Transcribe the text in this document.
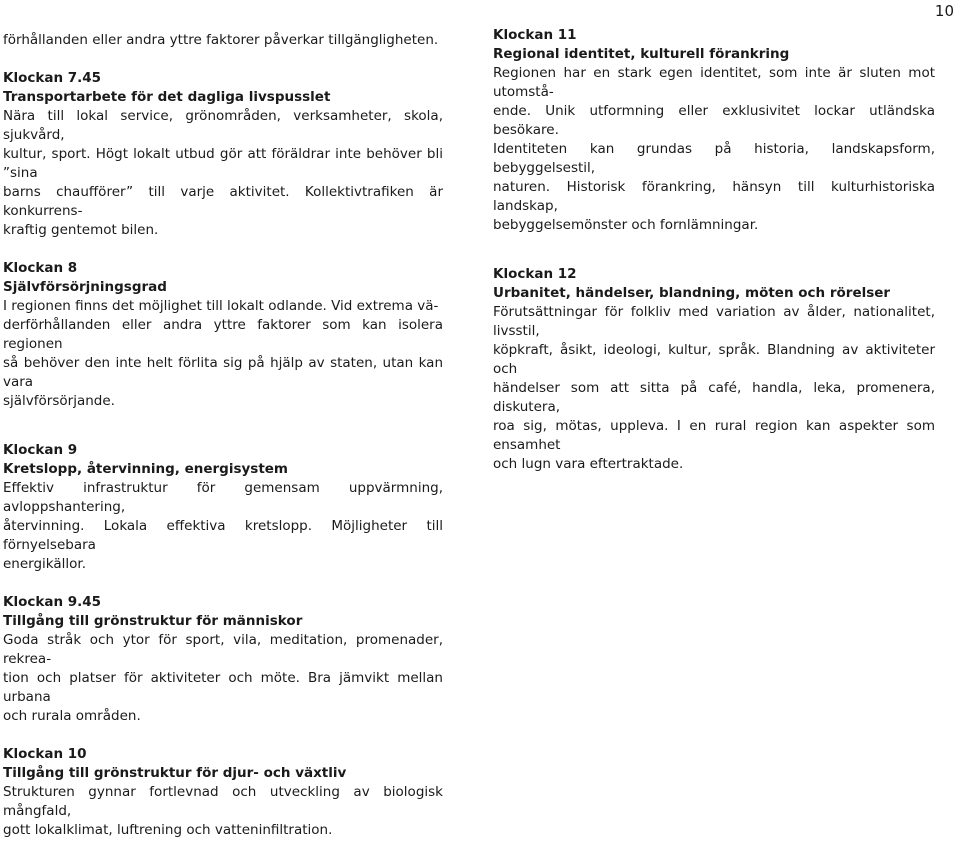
10

förhållanden eller andra yttre faktorer påverkar tillgängligheten.

Klockan 7.45
Transportarbete för det dagliga livspusslet
Nära till lokal service, grönområden, verksamheter, skola, sjukvård,
kultur, sport. Högt lokalt utbud gör att föräldrar inte behöver bli ”sina
barns chaufförer” till varje aktivitet. Kollektivtrafiken är konkurrens-
kraftig gentemot bilen.
Klockan 8
Självförsörjningsgrad
I regionen finns det möjlighet till lokalt odlande. Vid extrema vä-
derförhållanden eller andra yttre faktorer som kan isolera regionen
så behöver den inte helt förlita sig på hjälp av staten, utan kan vara
självförsörjande.
Klockan 9
Kretslopp, återvinning, energisystem
Effektiv infrastruktur för gemensam uppvärmning, avloppshantering,
återvinning. Lokala effektiva kretslopp. Möjligheter till förnyelsebara
energikällor.
Klockan 9.45
Tillgång till grönstruktur för människor
Goda stråk och ytor för sport, vila, meditation, promenader, rekrea-
tion och platser för aktiviteter och möte. Bra jämvikt mellan urbana
och rurala områden.
Klockan 10
Tillgång till grönstruktur för djur- och växtliv
Strukturen gynnar fortlevnad och utveckling av biologisk mångfald,
gott lokalklimat, luftrening och vatteninfiltration.
Klockan 11
Regional identitet, kulturell förankring
Regionen har en stark egen identitet, som inte är sluten mot utomstå-
ende. Unik utformning eller exklusivitet lockar utländska besökare.
Identiteten kan grundas på historia, landskapsform, bebyggelsestil,
naturen. Historisk förankring, hänsyn till kulturhistoriska landskap,
bebyggelsemönster och fornlämningar.
Klockan 12
Urbanitet, händelser, blandning, möten och rörelser
Förutsättningar för folkliv med variation av ålder, nationalitet, livsstil,
köpkraft, åsikt, ideologi, kultur, språk. Blandning av aktiviteter och
händelser som att sitta på café, handla, leka, promenera, diskutera,
roa sig, mötas, uppleva. I en rural region kan aspekter som ensamhet
och lugn vara eftertraktade.
